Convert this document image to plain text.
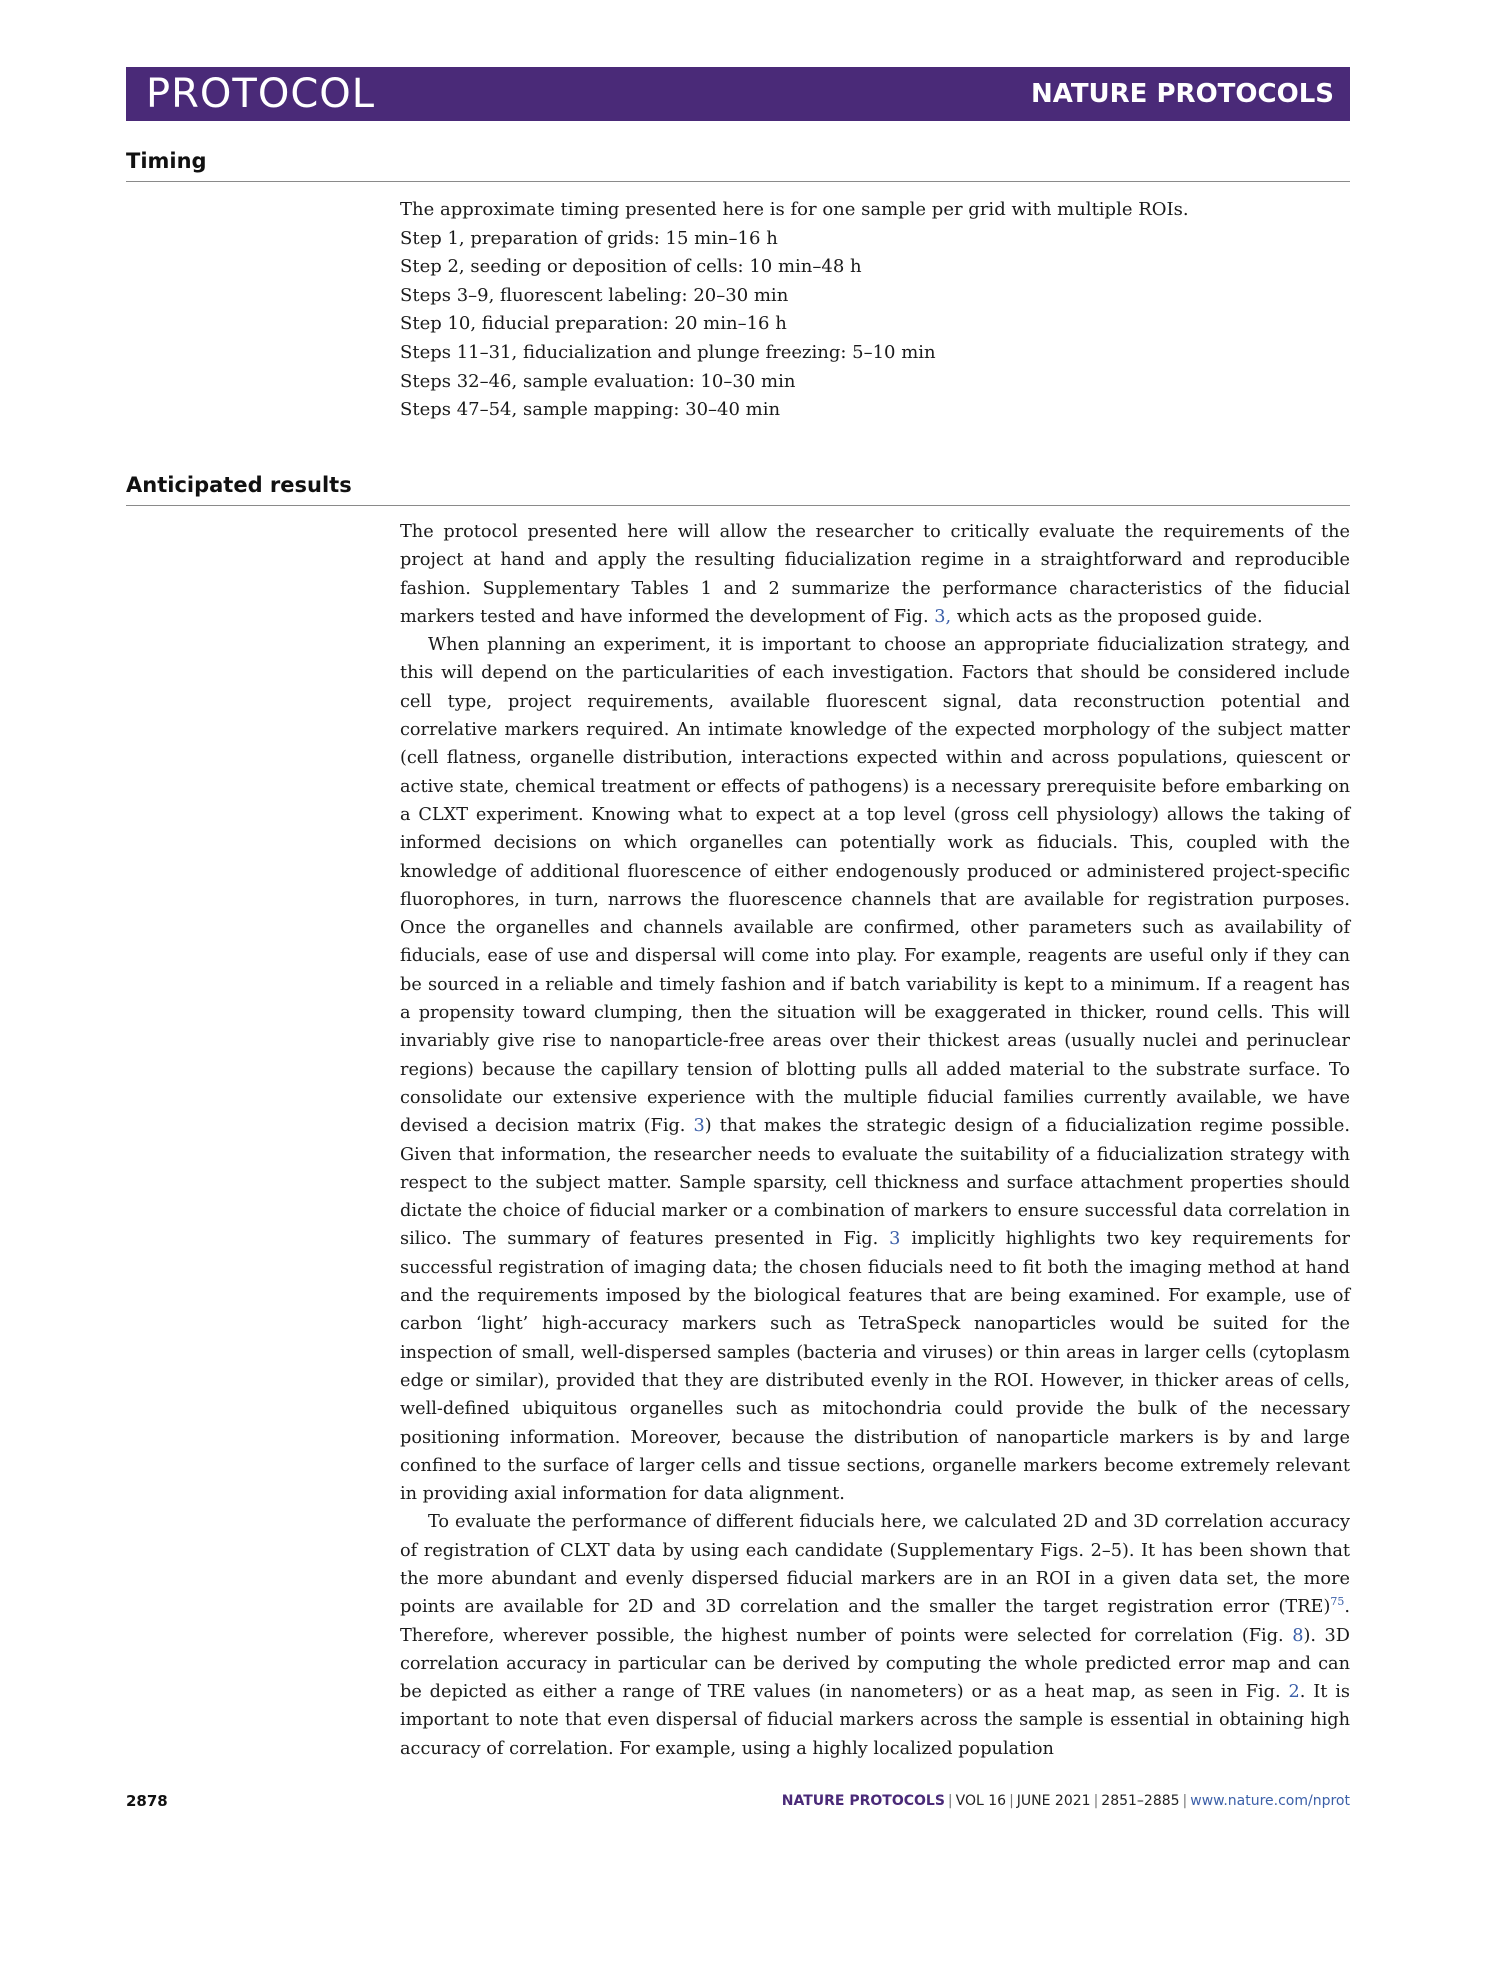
PROTOCOL	NATURE PROTOCOLS
Timing
The approximate timing presented here is for one sample per grid with multiple ROIs.
Step 1, preparation of grids: 15 min–16 h
Step 2, seeding or deposition of cells: 10 min–48 h
Steps 3–9, fluorescent labeling: 20–30 min
Step 10, fiducial preparation: 20 min–16 h
Steps 11–31, fiducialization and plunge freezing: 5–10 min
Steps 32–46, sample evaluation: 10–30 min
Steps 47–54, sample mapping: 30–40 min
Anticipated results

The protocol presented here will allow the researcher to critically evaluate the requirements of the project at hand and apply the resulting fiducialization regime in a straightforward and reproducible fashion. Supplementary Tables 1 and 2 summarize the performance characteristics of the fiducial markers tested and have informed the development of Fig. 3, which acts as the proposed guide.

When planning an experiment, it is important to choose an appropriate fiducialization strategy, and this will depend on the particularities of each investigation. Factors that should be considered include cell type, project requirements, available fluorescent signal, data reconstruction potential and correlative markers required. An intimate knowledge of the expected morphology of the subject matter (cell flatness, organelle distribution, interactions expected within and across populations, quiescent or active state, chemical treatment or effects of pathogens) is a necessary prerequisite before embarking on a CLXT experiment. Knowing what to expect at a top level (gross cell physiology) allows the taking of informed decisions on which organelles can potentially work as fiducials. This, coupled with the knowledge of additional fluorescence of either endogenously produced or administered project-specific fluorophores, in turn, narrows the fluorescence channels that are available for registration purposes. Once the organelles and channels available are confirmed, other parameters such as availability of fiducials, ease of use and dispersal will come into play. For example, reagents are useful only if they can be sourced in a reliable and timely fashion and if batch variability is kept to a minimum. If a reagent has a propensity toward clumping, then the situation will be exaggerated in thicker, round cells. This will invariably give rise to nanoparticle-free areas over their thickest areas (usually nuclei and perinuclear regions) because the capillary tension of blotting pulls all added material to the substrate surface. To consolidate our extensive experience with the multiple fiducial families currently available, we have devised a decision matrix (Fig. 3) that makes the strategic design of a fiducialization regime possible. Given that information, the researcher needs to evaluate the suitability of a fiducialization strategy with respect to the subject matter. Sample sparsity, cell thickness and surface attachment properties should dictate the choice of fiducial marker or a combination of markers to ensure successful data correlation in silico. The summary of features presented in Fig. 3 implicitly highlights two key requirements for successful registration of imaging data; the chosen fiducials need to fit both the imaging method at hand and the requirements imposed by the biological features that are being examined. For example, use of carbon ‘light’ high-accuracy markers such as TetraSpeck nanoparticles would be suited for the inspection of small, well-dispersed samples (bacteria and viruses) or thin areas in larger cells (cytoplasm edge or similar), provided that they are distributed evenly in the ROI. However, in thicker areas of cells, well-defined ubiquitous organelles such as mitochondria could provide the bulk of the necessary positioning information. Moreover, because the distribution of nanoparticle markers is by and large confined to the surface of larger cells and tissue sections, organelle markers become extremely relevant in providing axial information for data alignment.

To evaluate the performance of different fiducials here, we calculated 2D and 3D correlation accuracy of registration of CLXT data by using each candidate (Supplementary Figs. 2–5). It has been shown that the more abundant and evenly dispersed fiducial markers are in an ROI in a given data set, the more points are available for 2D and 3D correlation and the smaller the target registration error (TRE)$^{75}$. Therefore, wherever possible, the highest number of points were selected for correlation (Fig. 8). 3D correlation accuracy in particular can be derived by computing the whole predicted error map and can be depicted as either a range of TRE values (in nanometers) or as a heat map, as seen in Fig. 2. It is important to note that even dispersal of fiducial markers across the sample is essential in obtaining high accuracy of correlation. For example, using a highly localized population

2878	NATURE PROTOCOLS | VOL 16 | JUNE 2021 | 2851–2885 | www.nature.com/nprot
